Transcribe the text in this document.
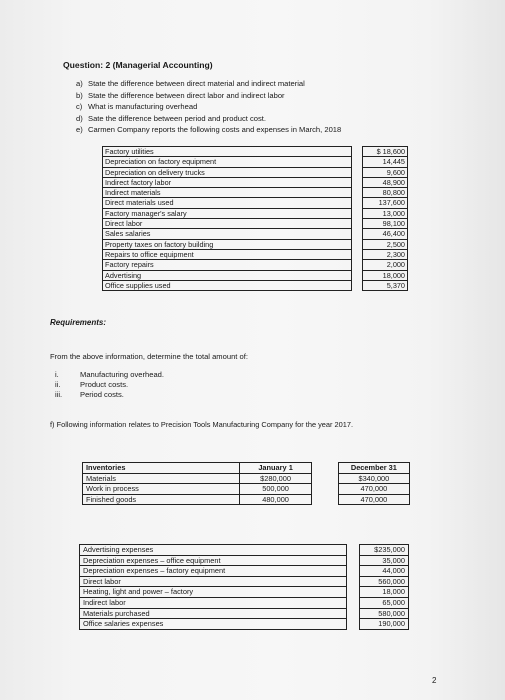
Question: 2 (Managerial Accounting)
a) State the difference between direct material and indirect material
b) State the difference between direct labor and indirect labor
c) What is manufacturing overhead
d) Sate the difference between period and product cost.
e) Carmen Company reports the following costs and expenses in March, 2018
Factory utilities		$ 18,600
Depreciation on factory equipment		14,445
Depreciation on delivery trucks		9,600
Indirect factory labor		48,900
Indirect materials		80,800
Direct materials used		137,600
Factory manager's salary		13,000
Direct labor		98,100
Sales salaries		46,400
Property taxes on factory building		2,500
Repairs to office equipment		2,300
Factory repairs		2,000
Advertising		18,000
Office supplies used		5,370
Requirements:
From the above information, determine the total amount of:
i.	Manufacturing overhead.
ii.	Product costs.
iii. Period costs.
f) Following information relates to Precision Tools Manufacturing Company for the year 2017.
Inventories	January 1		December 31
Materials	$280,000		$340,000
Work in process	500,000		470,000
Finished goods	480,000		470,000
Advertising expenses		$235,000
Depreciation expenses – office equipment		35,000
Depreciation expenses – factory equipment		44,000
Direct labor		560,000
Heating, light and power – factory		18,000
Indirect labor		65,000
Materials purchased		580,000
Office salaries expenses		190,000
2
